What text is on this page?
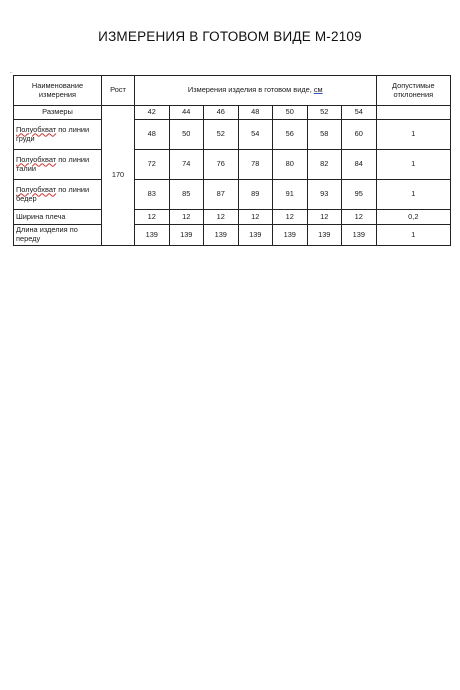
ИЗМЕРЕНИЯ В ГОТОВОМ ВИДЕ М-2109
⌐
Наименование измерения	Рост	Измерения изделия в готовом виде, см							Допустимые отклонения
Размеры	170	42	44	46	48	50	52	54	
Полуобхват по линии груди		48	50	52	54	56	58	60	1
Полуобхват по линии талии		72	74	76	78	80	82	84	1
Полуобхват по линии бедер		83	85	87	89	91	93	95	1
Ширина плеча		12	12	12	12	12	12	12	0,2
Длина изделия по переду		139	139	139	139	139	139	139	1
